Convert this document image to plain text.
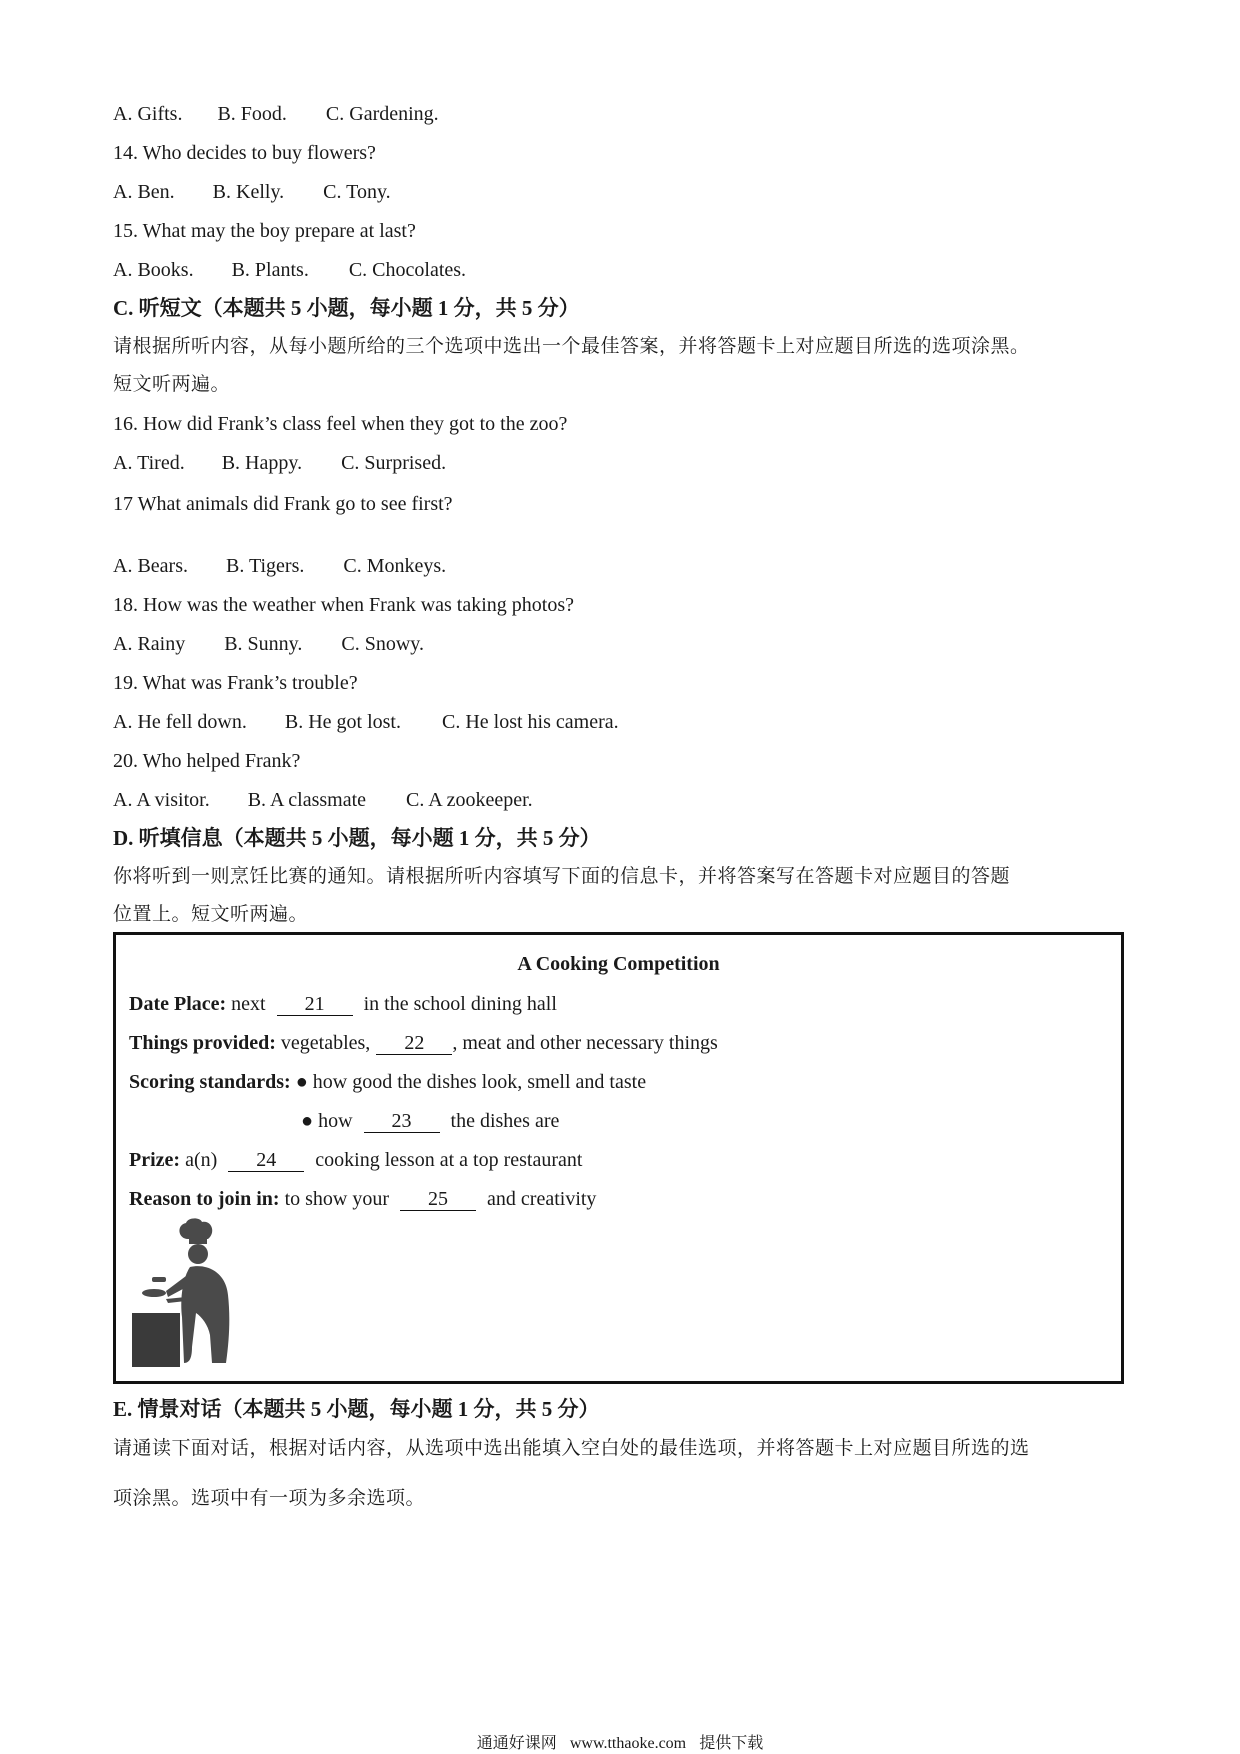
A. Gifts. B. Food. C. Gardening.
14. Who decides to buy flowers?
A. Ben. B. Kelly. C. Tony.
15. What may the boy prepare at last?
A. Books. B. Plants. C. Chocolates.
C. 听短文（本题共 5 小题，每小题 1 分，共 5 分）
请根据所听内容，从每小题所给的三个选项中选出一个最佳答案，并将答题卡上对应题目所选的选项涂黑。
短文听两遍。
16. How did Frank’s class feel when they got to the zoo?
A. Tired. B. Happy. C. Surprised.
17 What animals did Frank go to see first?
A. Bears. B. Tigers. C. Monkeys.
18. How was the weather when Frank was taking photos?
A. Rainy B. Sunny. C. Snowy.
19. What was Frank’s trouble?
A. He fell down. B. He got lost. C. He lost his camera.
20. Who helped Frank?
A. A visitor. B. A classmate C. A zookeeper.
D. 听填信息（本题共 5 小题，每小题 1 分，共 5 分）
你将听到一则烹饪比赛的通知。请根据所听内容填写下面的信息卡，并将答案写在答题卡对应题目的答题
位置上。短文听两遍。
A Cooking Competition
Date Place: next 21 in the school dining hall
Things provided: vegetables, 22 , meat and other necessary things
Scoring standards: ● how good the dishes look, smell and taste
● how 23 the dishes are
Prize: a(n) 24 cooking lesson at a top restaurant
Reason to join in: to show your 25 and creativity
E. 情景对话（本题共 5 小题，每小题 1 分，共 5 分）
请通读下面对话，根据对话内容，从选项中选出能填入空白处的最佳选项，并将答题卡上对应题目所选的选
项涂黑。选项中有一项为多余选项。
通通好课网 www.tthaoke.com 提供下载
